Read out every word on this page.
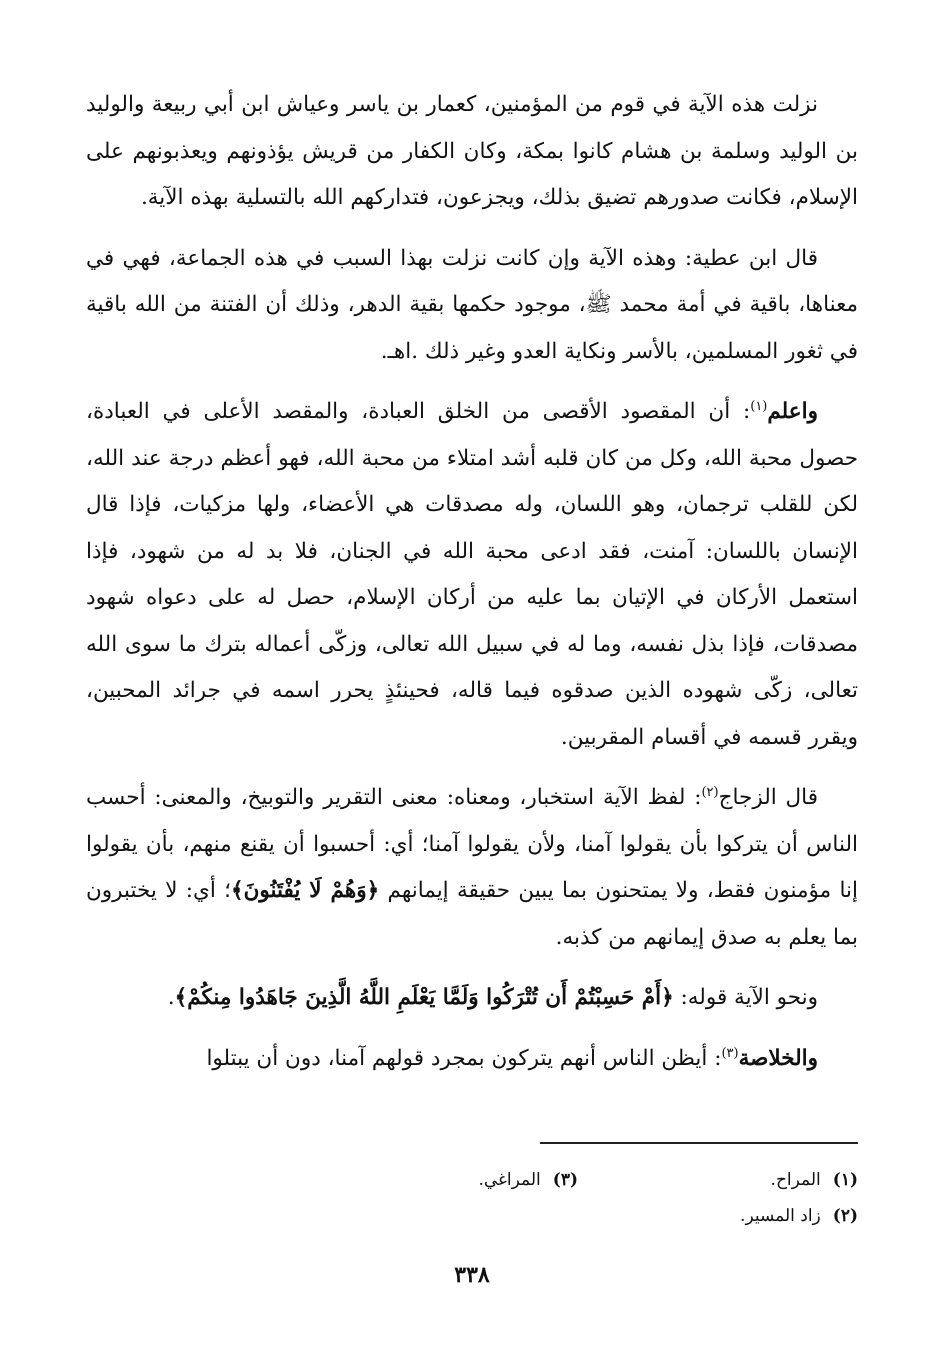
نزلت هذه الآية في قوم من المؤمنين، كعمار بن ياسر وعياش ابن أبي ربيعة والوليد بن الوليد وسلمة بن هشام كانوا بمكة، وكان الكفار من قريش يؤذونهم ويعذبونهم على الإسلام، فكانت صدورهم تضيق بذلك، ويجزعون، فتداركهم الله بالتسلية بهذه الآية.

قال ابن عطية: وهذه الآية وإن كانت نزلت بهذا السبب في هذه الجماعة، فهي في معناها، باقية في أمة محمد ﷺ، موجود حكمها بقية الدهر، وذلك أن الفتنة من الله باقية في ثغور المسلمين، بالأسر ونكاية العدو وغير ذلك .اهـ.

واعلم$^{(١)}$: أن المقصود الأقصى من الخلق العبادة، والمقصد الأعلى في العبادة، حصول محبة الله، وكل من كان قلبه أشد امتلاء من محبة الله، فهو أعظم درجة عند الله، لكن للقلب ترجمان، وهو اللسان، وله مصدقات هي الأعضاء، ولها مزكيات، فإذا قال الإنسان باللسان: آمنت، فقد ادعى محبة الله في الجنان، فلا بد له من شهود، فإذا استعمل الأركان في الإتيان بما عليه من أركان الإسلام، حصل له على دعواه شهود مصدقات، فإذا بذل نفسه، وما له في سبيل الله تعالى، وزكّى أعماله بترك ما سوى الله تعالى، زكّى شهوده الذين صدقوه فيما قاله، فحينئذٍ يحرر اسمه في جرائد المحبين، ويقرر قسمه في أقسام المقربين.

قال الزجاج$^{(٢)}$: لفظ الآية استخبار، ومعناه: معنى التقرير والتوبيخ، والمعنى: أحسب الناس أن يتركوا بأن يقولوا آمنا، ولأن يقولوا آمنا؛ أي: أحسبوا أن يقنع منهم، بأن يقولوا إنا مؤمنون فقط، ولا يمتحنون بما يبين حقيقة إيمانهم ﴿وَهُمْ لَا يُفْتَنُونَ﴾؛ أي: لا يختبرون بما يعلم به صدق إيمانهم من كذبه.

ونحو الآية قوله: ﴿أَمْ حَسِبْتُمْ أَن تُتْرَكُوا وَلَمَّا يَعْلَمِ اللَّهُ الَّذِينَ جَاهَدُوا مِنكُمْ﴾.

والخلاصة$^{(٣)}$: أيظن الناس أنهم يتركون بمجرد قولهم آمنا، دون أن يبتلوا

(١)المراح.
(٣)المراغي.
(٢)زاد المسير.
٣٣٨
